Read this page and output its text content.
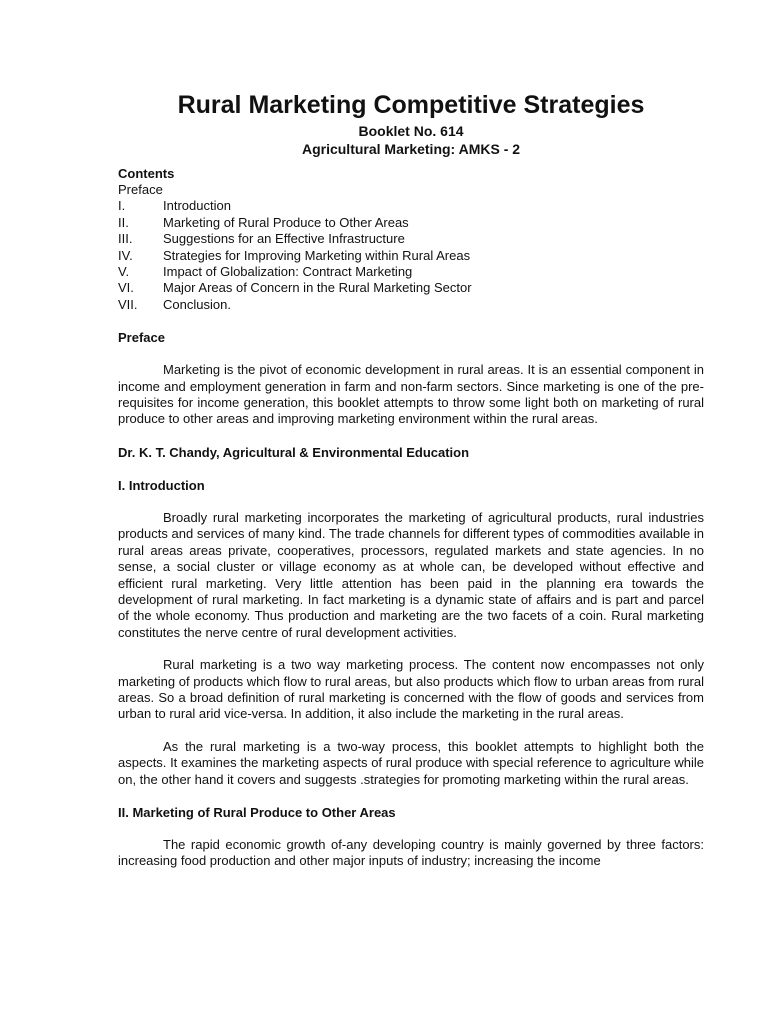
Rural Marketing Competitive Strategies
Booklet No. 614
Agricultural Marketing: AMKS - 2
Contents
Preface
I.	Introduction
II.	Marketing of Rural Produce to Other Areas
III.	Suggestions for an Effective Infrastructure
IV.	Strategies for Improving Marketing within Rural Areas
V.	Impact of Globalization: Contract Marketing
VI.	Major Areas of Concern in the Rural Marketing Sector
VII.	Conclusion.
Preface

Marketing is the pivot of economic development in rural areas. It is an essential component in income and employment generation in farm and non-farm sectors. Since marketing is one of the pre-requisites for income generation, this booklet attempts to throw some light both on marketing of rural produce to other areas and improving marketing environment within the rural areas.

Dr. K. T. Chandy, Agricultural & Environmental Education
I. Introduction

Broadly rural marketing incorporates the marketing of agricultural products, rural industries products and services of many kind. The trade channels for different types of commodities available in rural areas areas private, cooperatives, processors, regulated markets and state agencies. In no sense, a social cluster or village economy as at whole can, be developed without effective and efficient rural marketing. Very little attention has been paid in the planning era towards the development of rural marketing. In fact marketing is a dynamic state of affairs and is part and parcel of the whole economy. Thus production and marketing are the two facets of a coin. Rural marketing constitutes the nerve centre of rural development activities.

Rural marketing is a two way marketing process. The content now encompasses not only marketing of products which flow to rural areas, but also products which flow to urban areas from rural areas. So a broad definition of rural marketing is concerned with the flow of goods and services from urban to rural arid vice-versa. In addition, it also include the marketing in the rural areas.

As the rural marketing is a two-way process, this booklet attempts to highlight both the aspects. It examines the marketing aspects of rural produce with special reference to agriculture while on, the other hand it covers and suggests .strategies for promoting marketing within the rural areas.

II. Marketing of Rural Produce to Other Areas

The rapid economic growth of-any developing country is mainly governed by three factors: increasing food production and other major inputs of industry; increasing the income
